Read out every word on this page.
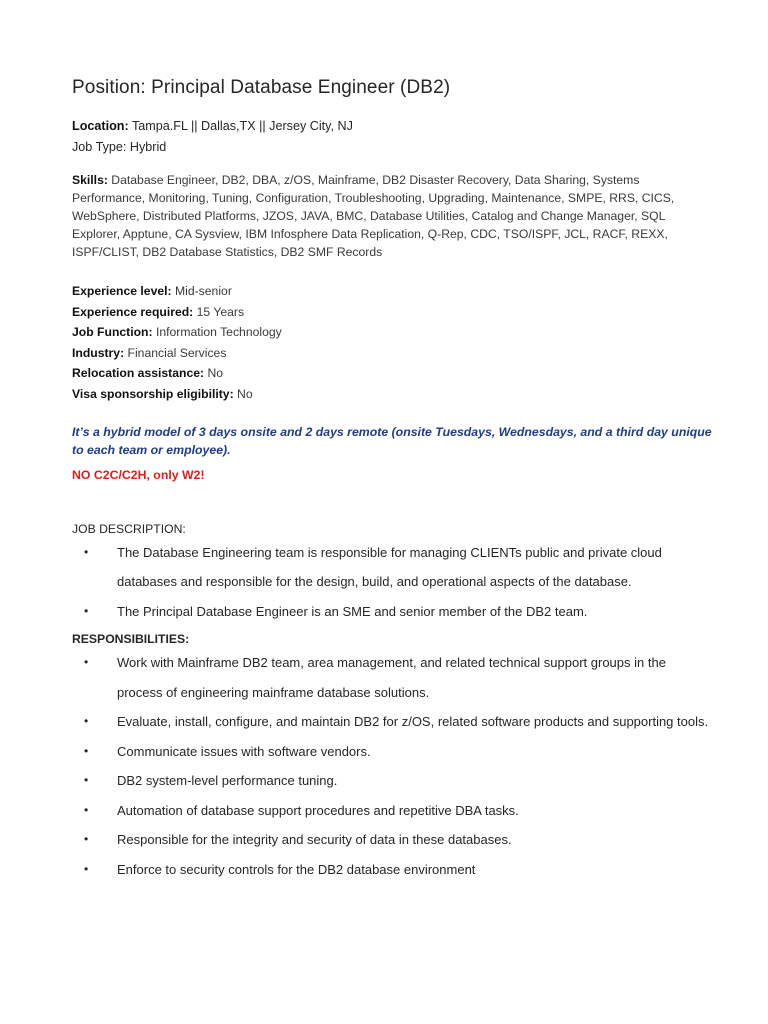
Position: Principal Database Engineer (DB2)

Location: Tampa.FL || Dallas,TX || Jersey City, NJ

Job Type: Hybrid

Skills: Database Engineer, DB2, DBA, z/OS, Mainframe, DB2 Disaster Recovery, Data Sharing, Systems Performance, Monitoring, Tuning, Configuration, Troubleshooting, Upgrading, Maintenance, SMPE, RRS, CICS, WebSphere, Distributed Platforms, JZOS, JAVA, BMC, Database Utilities, Catalog and Change Manager, SQL Explorer, Apptune, CA Sysview, IBM Infosphere Data Replication, Q-Rep, CDC, TSO/ISPF, JCL, RACF, REXX, ISPF/CLIST, DB2 Database Statistics, DB2 SMF Records

Experience level: Mid-senior
Experience required: 15 Years
Job Function: Information Technology
Industry: Financial Services
Relocation assistance: No
Visa sponsorship eligibility: No
It’s a hybrid model of 3 days onsite and 2 days remote (onsite Tuesdays, Wednesdays, and a third day unique to each team or employee).
NO C2C/C2H, only W2!
JOB DESCRIPTION:
• The Database Engineering team is responsible for managing CLIENTs public and private cloud databases and responsible for the design, build, and operational aspects of the database.
• The Principal Database Engineer is an SME and senior member of the DB2 team.
RESPONSIBILITIES:
• Work with Mainframe DB2 team, area management, and related technical support groups in the process of engineering mainframe database solutions.
• Evaluate, install, configure, and maintain DB2 for z/OS, related software products and supporting tools.
• Communicate issues with software vendors.
• DB2 system-level performance tuning.
• Automation of database support procedures and repetitive DBA tasks.
• Responsible for the integrity and security of data in these databases.
• Enforce to security controls for the DB2 database environment
